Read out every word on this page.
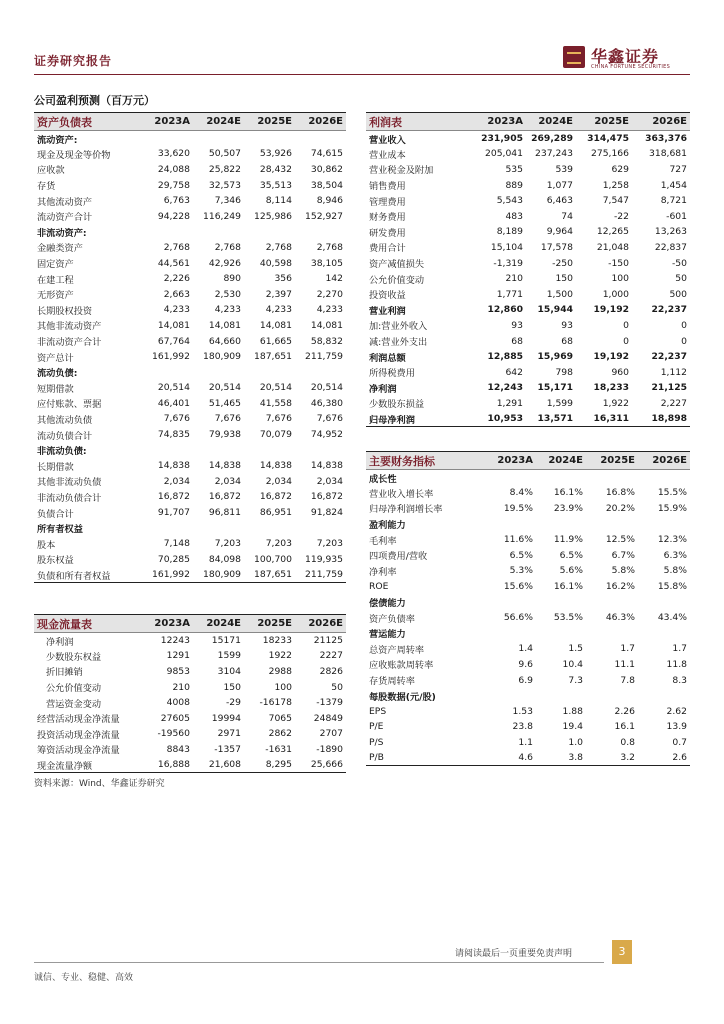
证券研究报告	华鑫证券
CHINA FORTUNE SECURITIES
公司盈利预测（百万元）
资产负债表	2023A	2024E	2025E	2026E
流动资产:				
现金及现金等价物	33,620	50,507	53,926	74,615
应收款	24,088	25,822	28,432	30,862
存货	29,758	32,573	35,513	38,504
其他流动资产	6,763	7,346	8,114	8,946
流动资产合计	94,228	116,249	125,986	152,927
非流动资产:				
金融类资产	2,768	2,768	2,768	2,768
固定资产	44,561	42,926	40,598	38,105
在建工程	2,226	890	356	142
无形资产	2,663	2,530	2,397	2,270
长期股权投资	4,233	4,233	4,233	4,233
其他非流动资产	14,081	14,081	14,081	14,081
非流动资产合计	67,764	64,660	61,665	58,832
资产总计	161,992	180,909	187,651	211,759
流动负债:				
短期借款	20,514	20,514	20,514	20,514
应付账款、票据	46,401	51,465	41,558	46,380
其他流动负债	7,676	7,676	7,676	7,676
流动负债合计	74,835	79,938	70,079	74,952
非流动负债:				
长期借款	14,838	14,838	14,838	14,838
其他非流动负债	2,034	2,034	2,034	2,034
非流动负债合计	16,872	16,872	16,872	16,872
负债合计	91,707	96,811	86,951	91,824
所有者权益				
股本	7,148	7,203	7,203	7,203
股东权益	70,285	84,098	100,700	119,935
负债和所有者权益	161,992	180,909	187,651	211,759
利润表	2023A	2024E	2025E	2026E
营业收入	231,905	269,289	314,475	363,376
营业成本	205,041	237,243	275,166	318,681
营业税金及附加	535	539	629	727
销售费用	889	1,077	1,258	1,454
管理费用	5,543	6,463	7,547	8,721
财务费用	483	74	-22	-601
研发费用	8,189	9,964	12,265	13,263
费用合计	15,104	17,578	21,048	22,837
资产减值损失	-1,319	-250	-150	-50
公允价值变动	210	150	100	50
投资收益	1,771	1,500	1,000	500
营业利润	12,860	15,944	19,192	22,237
加:营业外收入	93	93	0	0
减:营业外支出	68	68	0	0
利润总额	12,885	15,969	19,192	22,237
所得税费用	642	798	960	1,112
净利润	12,243	15,171	18,233	21,125
少数股东损益	1,291	1,599	1,922	2,227
归母净利润	10,953	13,571	16,311	18,898
主要财务指标	2023A	2024E	2025E	2026E
成长性				
营业收入增长率	8.4%	16.1%	16.8%	15.5%
归母净利润增长率	19.5%	23.9%	20.2%	15.9%
盈利能力				
毛利率	11.6%	11.9%	12.5%	12.3%
四项费用/营收	6.5%	6.5%	6.7%	6.3%
净利率	5.3%	5.6%	5.8%	5.8%
ROE	15.6%	16.1%	16.2%	15.8%
偿债能力				
资产负债率	56.6%	53.5%	46.3%	43.4%
营运能力				
总资产周转率	1.4	1.5	1.7	1.7
应收账款周转率	9.6	10.4	11.1	11.8
存货周转率	6.9	7.3	7.8	8.3
每股数据(元/股)				
EPS	1.53	1.88	2.26	2.62
P/E	23.8	19.4	16.1	13.9
P/S	1.1	1.0	0.8	0.7
P/B	4.6	3.8	3.2	2.6
现金流量表	2023A	2024E	2025E	2026E
净利润	12243	15171	18233	21125
少数股东权益	1291	1599	1922	2227
折旧摊销	9853	3104	2988	2826
公允价值变动	210	150	100	50
营运资金变动	4008	-29	-16178	-1379
经营活动现金净流量	27605	19994	7065	24849
投资活动现金净流量	-19560	2971	2862	2707
筹资活动现金净流量	8843	-1357	-1631	-1890
现金流量净额	16,888	21,608	8,295	25,666
资料来源：Wind、华鑫证券研究
请阅读最后一页重要免责声明	3
诚信、专业、稳健、高效
